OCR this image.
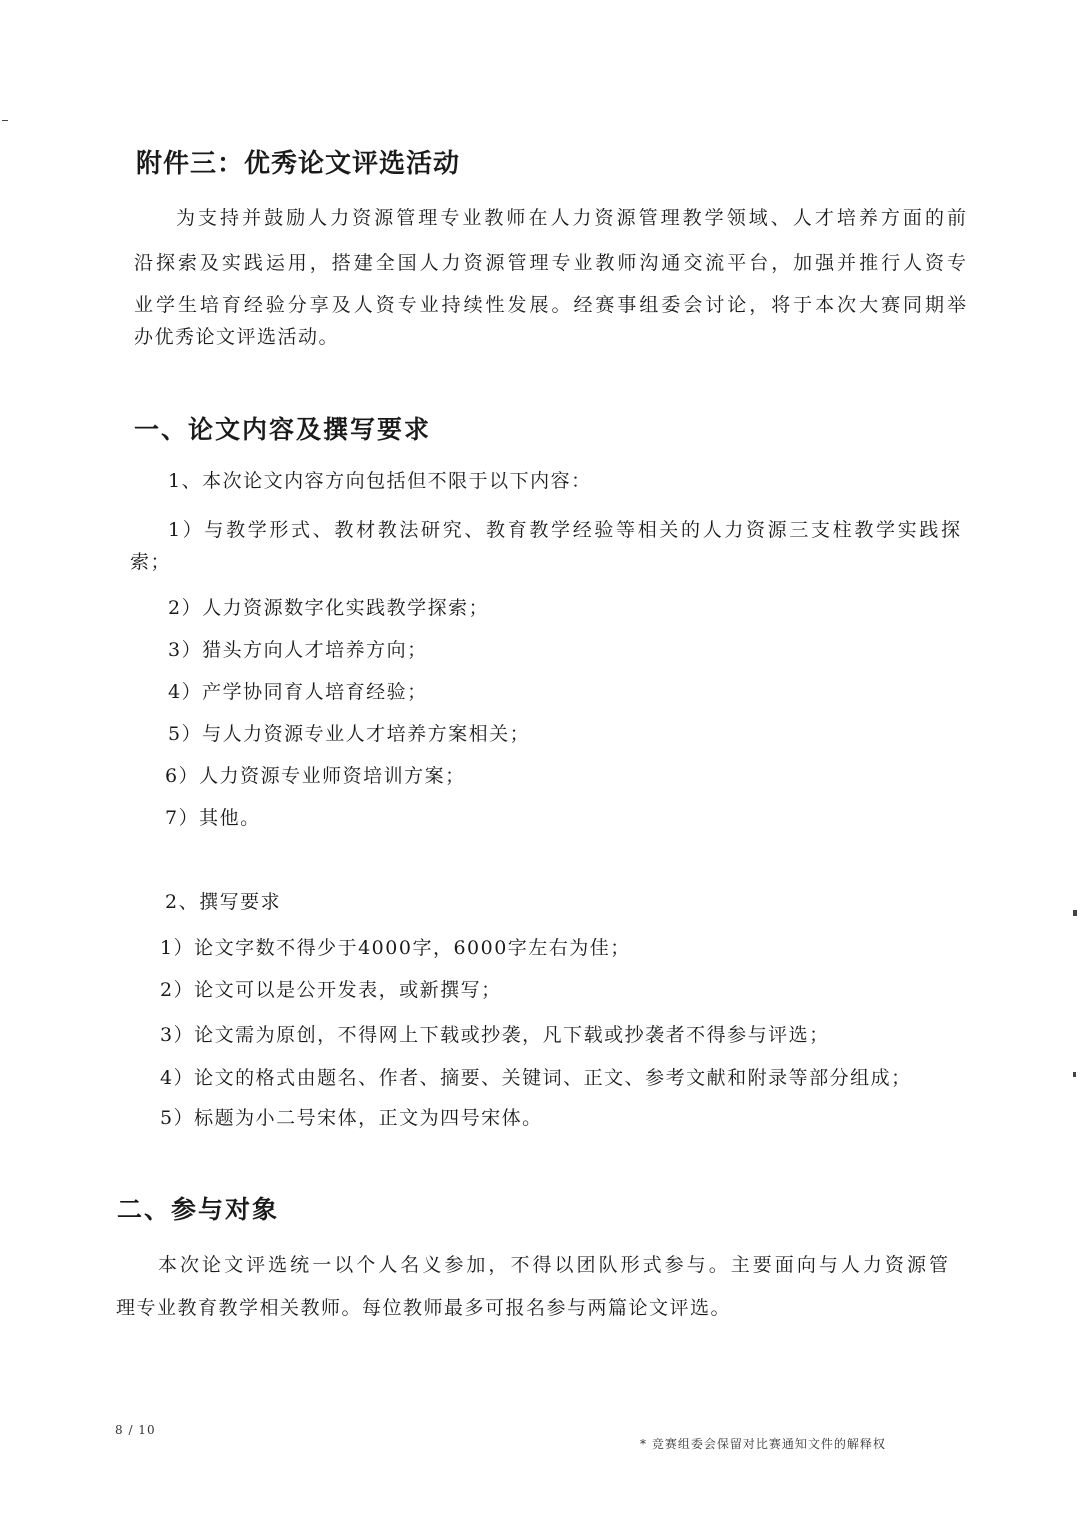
附件三：优秀论文评选活动
为支持并鼓励人力资源管理专业教师在人力资源管理教学领域、人才培养方面的前
沿探索及实践运用，搭建全国人力资源管理专业教师沟通交流平台，加强并推行人资专
业学生培育经验分享及人资专业持续性发展。经赛事组委会讨论，将于本次大赛同期举
办优秀论文评选活动。
一、论文内容及撰写要求
1、本次论文内容方向包括但不限于以下内容：
1）与教学形式、教材教法研究、教育教学经验等相关的人力资源三支柱教学实践探
索；
2）人力资源数字化实践教学探索；
3）猎头方向人才培养方向；
4）产学协同育人培育经验；
5）与人力资源专业人才培养方案相关；
6）人力资源专业师资培训方案；
7）其他。
2、撰写要求
1）论文字数不得少于4000字，6000字左右为佳；
2）论文可以是公开发表，或新撰写；
3）论文需为原创，不得网上下载或抄袭，凡下载或抄袭者不得参与评选；
4）论文的格式由题名、作者、摘要、关键词、正文、参考文献和附录等部分组成；
5）标题为小二号宋体，正文为四号宋体。
二、参与对象
本次论文评选统一以个人名义参加，不得以团队形式参与。主要面向与人力资源管
理专业教育教学相关教师。每位教师最多可报名参与两篇论文评选。
8 / 10
* 竞赛组委会保留对比赛通知文件的解释权
